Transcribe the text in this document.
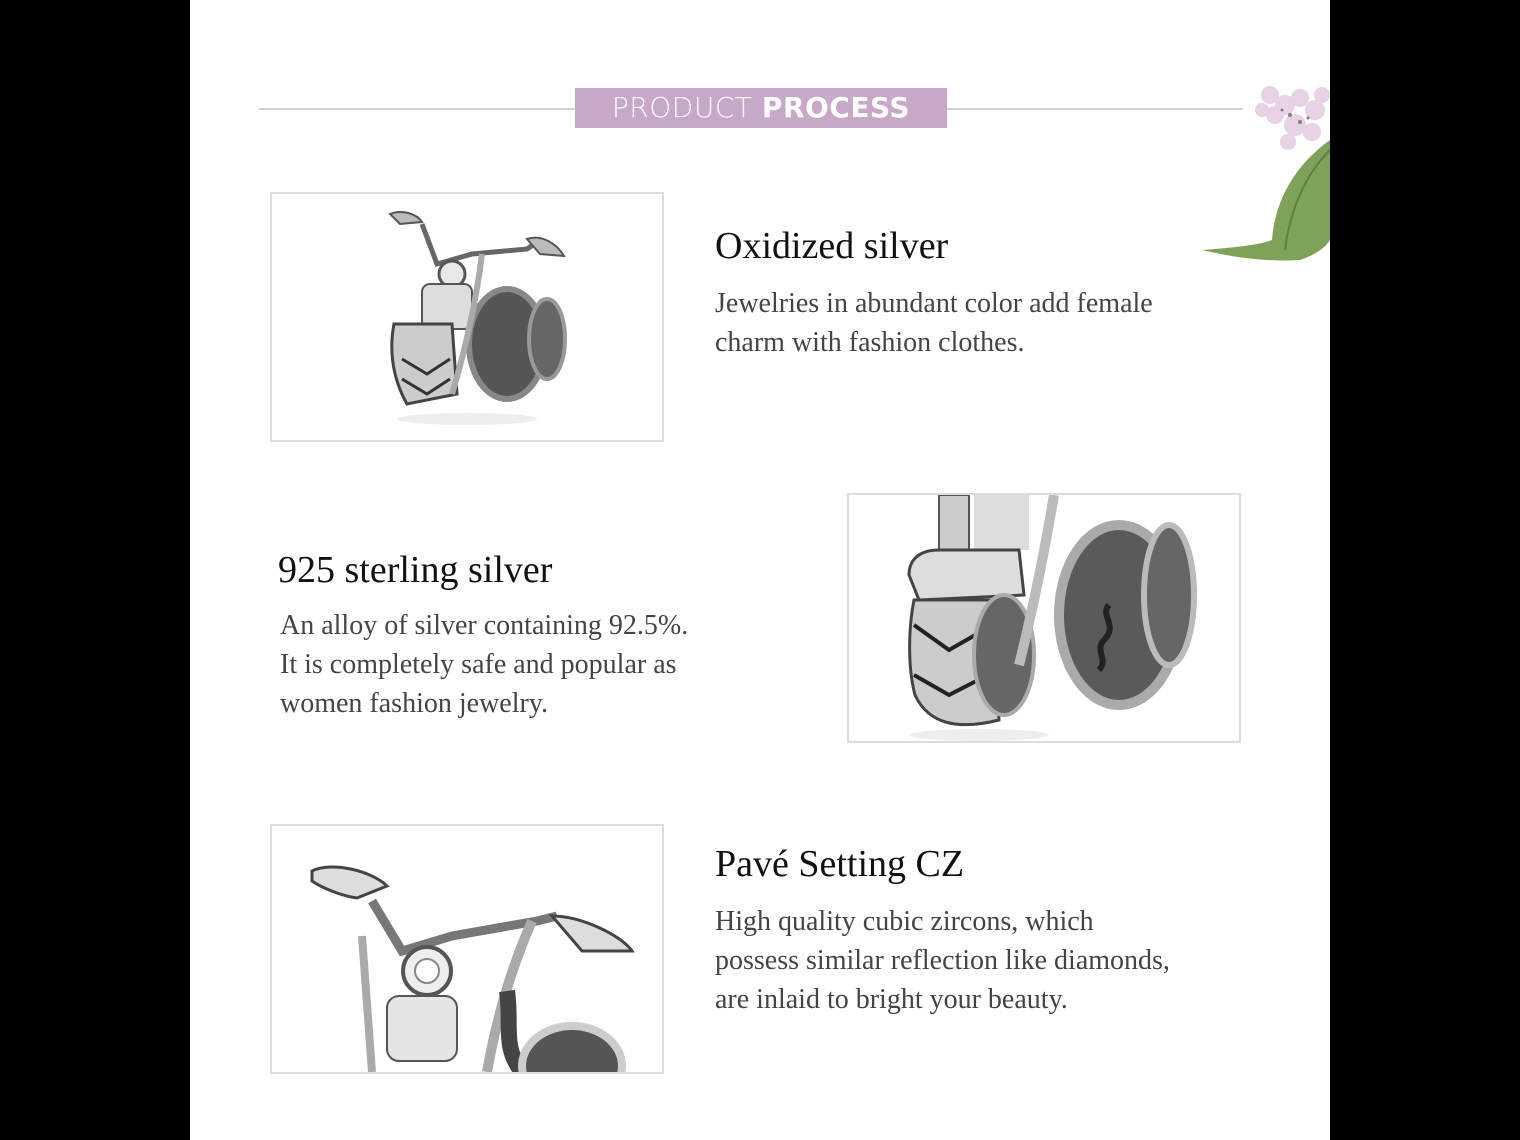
PRODUCT PROCESS
Oxidized silver
Jewelries in abundant color add female
charm with fashion clothes.
925 sterling silver
An alloy of silver containing 92.5%.
It is completely safe and popular as
women fashion jewelry.
Pavé Setting CZ
High quality cubic zircons, which
possess similar reflection like diamonds,
are inlaid to bright your beauty.
